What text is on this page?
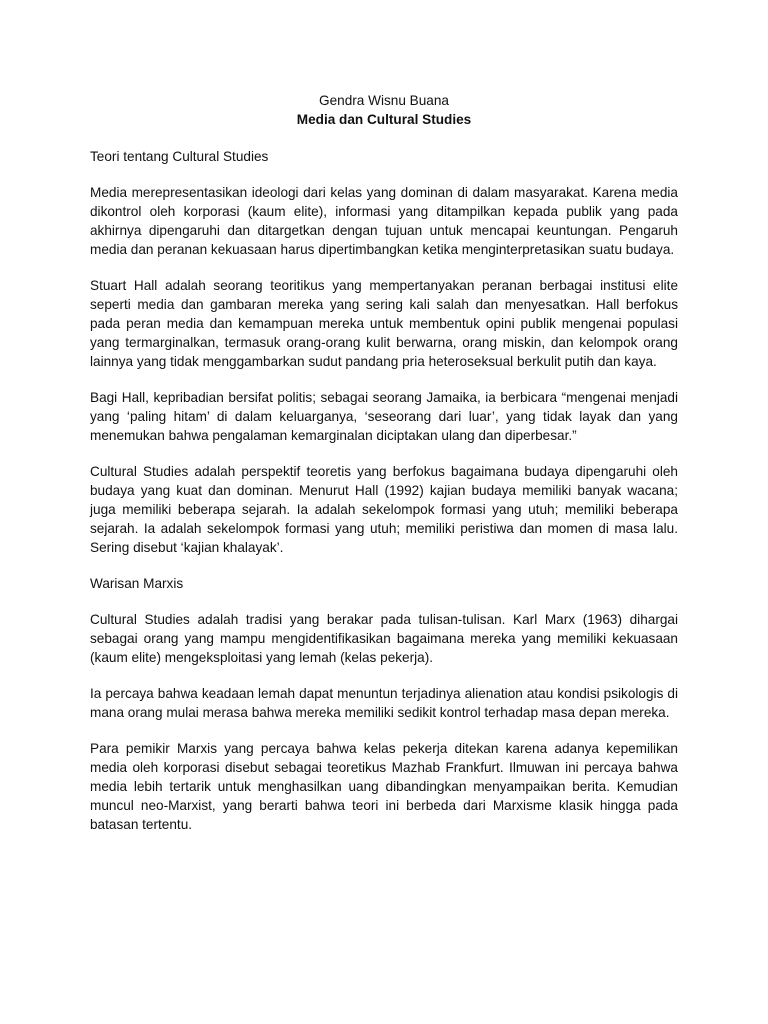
Gendra Wisnu Buana

Media dan Cultural Studies

Teori tentang Cultural Studies

Media merepresentasikan ideologi dari kelas yang dominan di dalam masyarakat. Karena media dikontrol oleh korporasi (kaum elite), informasi yang ditampilkan kepada publik yang pada akhirnya dipengaruhi dan ditargetkan dengan tujuan untuk mencapai keuntungan. Pengaruh media dan peranan kekuasaan harus dipertimbangkan ketika menginterpretasikan suatu budaya.

Stuart Hall adalah seorang teoritikus yang mempertanyakan peranan berbagai institusi elite seperti media dan gambaran mereka yang sering kali salah dan menyesatkan. Hall berfokus pada peran media dan kemampuan mereka untuk membentuk opini publik mengenai populasi yang termarginalkan, termasuk orang-orang kulit berwarna, orang miskin, dan kelompok orang lainnya yang tidak menggambarkan sudut pandang pria heteroseksual berkulit putih dan kaya.

Bagi Hall, kepribadian bersifat politis; sebagai seorang Jamaika, ia berbicara “mengenai menjadi yang ‘paling hitam’ di dalam keluarganya, ‘seseorang dari luar’, yang tidak layak dan yang menemukan bahwa pengalaman kemarginalan diciptakan ulang dan diperbesar.”

Cultural Studies adalah perspektif teoretis yang berfokus bagaimana budaya dipengaruhi oleh budaya yang kuat dan dominan. Menurut Hall (1992) kajian budaya memiliki banyak wacana; juga memiliki beberapa sejarah. Ia adalah sekelompok formasi yang utuh; memiliki beberapa sejarah. Ia adalah sekelompok formasi yang utuh; memiliki peristiwa dan momen di masa lalu. Sering disebut ‘kajian khalayak’.

Warisan Marxis

Cultural Studies adalah tradisi yang berakar pada tulisan-tulisan. Karl Marx (1963) dihargai sebagai orang yang mampu mengidentifikasikan bagaimana mereka yang memiliki kekuasaan (kaum elite) mengeksploitasi yang lemah (kelas pekerja).

Ia percaya bahwa keadaan lemah dapat menuntun terjadinya alienation atau kondisi psikologis di mana orang mulai merasa bahwa mereka memiliki sedikit kontrol terhadap masa depan mereka.

Para pemikir Marxis yang percaya bahwa kelas pekerja ditekan karena adanya kepemilikan media oleh korporasi disebut sebagai teoretikus Mazhab Frankfurt. Ilmuwan ini percaya bahwa media lebih tertarik untuk menghasilkan uang dibandingkan menyampaikan berita. Kemudian muncul neo-Marxist, yang berarti bahwa teori ini berbeda dari Marxisme klasik hingga pada batasan tertentu.
